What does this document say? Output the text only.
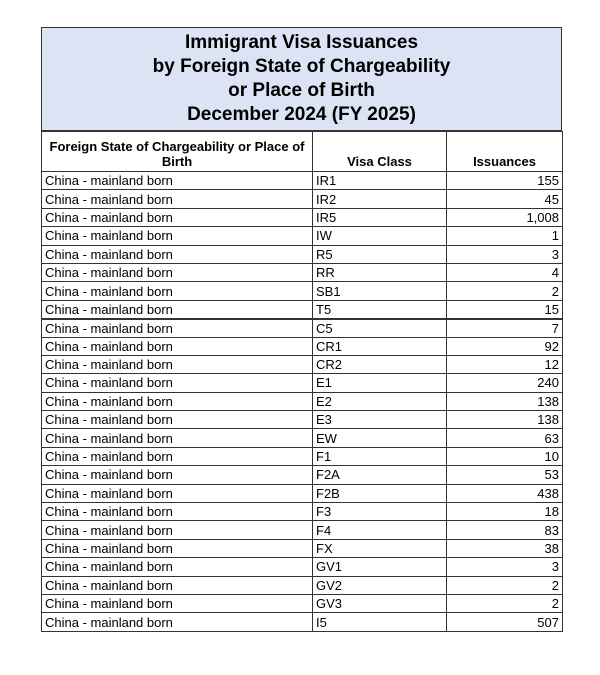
Immigrant Visa Issuances
by Foreign State of Chargeability
or Place of Birth
December 2024 (FY 2025)
Foreign State of Chargeability or Place of Birth	Visa Class	Issuances
China - mainland born	IR1	155
China - mainland born	IR2	45
China - mainland born	IR5	1,008
China - mainland born	IW	1
China - mainland born	R5	3
China - mainland born	RR	4
China - mainland born	SB1	2
China - mainland born	T5	15
China - mainland born	C5	7
China - mainland born	CR1	92
China - mainland born	CR2	12
China - mainland born	E1	240
China - mainland born	E2	138
China - mainland born	E3	138
China - mainland born	EW	63
China - mainland born	F1	10
China - mainland born	F2A	53
China - mainland born	F2B	438
China - mainland born	F3	18
China - mainland born	F4	83
China - mainland born	FX	38
China - mainland born	GV1	3
China - mainland born	GV2	2
China - mainland born	GV3	2
China - mainland born	I5	507
